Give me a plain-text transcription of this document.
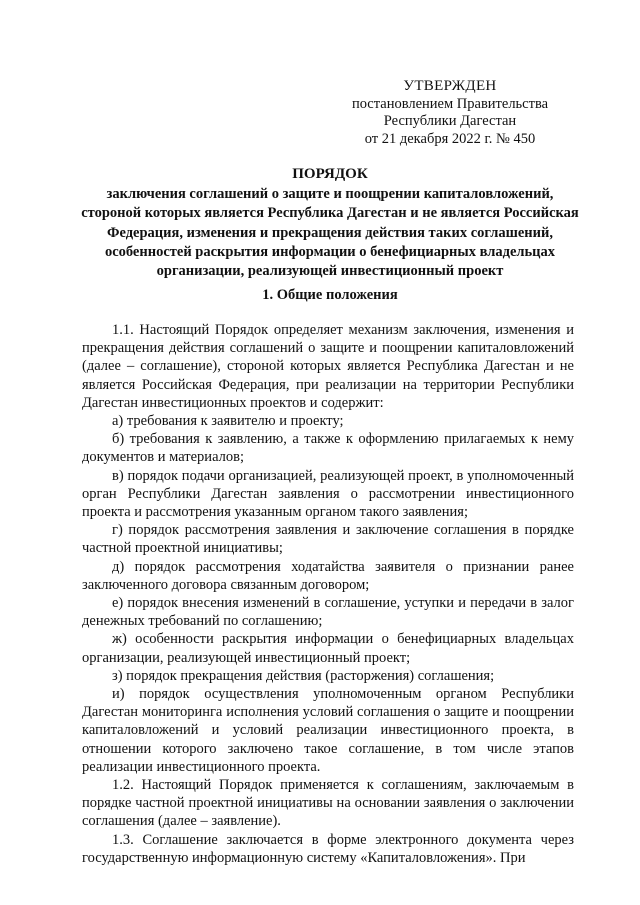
УТВЕРЖДЕН
постановлением Правительства
Республики Дагестан
от 21 декабря 2022 г. № 450
ПОРЯДОК
заключения соглашений о защите и поощрении капиталовложений, стороной которых является Республика Дагестан и не является Российская Федерация, изменения и прекращения действия таких соглашений, особенностей раскрытия информации о бенефициарных владельцах организации, реализующей инвестиционный проект
1. Общие положения

1.1. Настоящий Порядок определяет механизм заключения, изменения и прекращения действия соглашений о защите и поощрении капиталовложений (далее – соглашение), стороной которых является Республика Дагестан и не является Российская Федерация, при реализации на территории Республики Дагестан инвестиционных проектов и содержит:

а) требования к заявителю и проекту;

б) требования к заявлению, а также к оформлению прилагаемых к нему документов и материалов;

в) порядок подачи организацией, реализующей проект, в уполномоченный орган Республики Дагестан заявления о рассмотрении инвестиционного проекта и рассмотрения указанным органом такого заявления;

г) порядок рассмотрения заявления и заключение соглашения в порядке частной проектной инициативы;

д) порядок рассмотрения ходатайства заявителя о признании ранее заключенного договора связанным договором;

е) порядок внесения изменений в соглашение, уступки и передачи в залог денежных требований по соглашению;

ж) особенности раскрытия информации о бенефициарных владельцах организации, реализующей инвестиционный проект;

з) порядок прекращения действия (расторжения) соглашения;

и) порядок осуществления уполномоченным органом Республики Дагестан мониторинга исполнения условий соглашения о защите и поощрении капиталовложений и условий реализации инвестиционного проекта, в отношении которого заключено такое соглашение, в том числе этапов реализации инвестиционного проекта.

1.2. Настоящий Порядок применяется к соглашениям, заключаемым в порядке частной проектной инициативы на основании заявления о заключении соглашения (далее – заявление).

1.3. Соглашение заключается в форме электронного документа через государственную информационную систему «Капиталовложения». При
